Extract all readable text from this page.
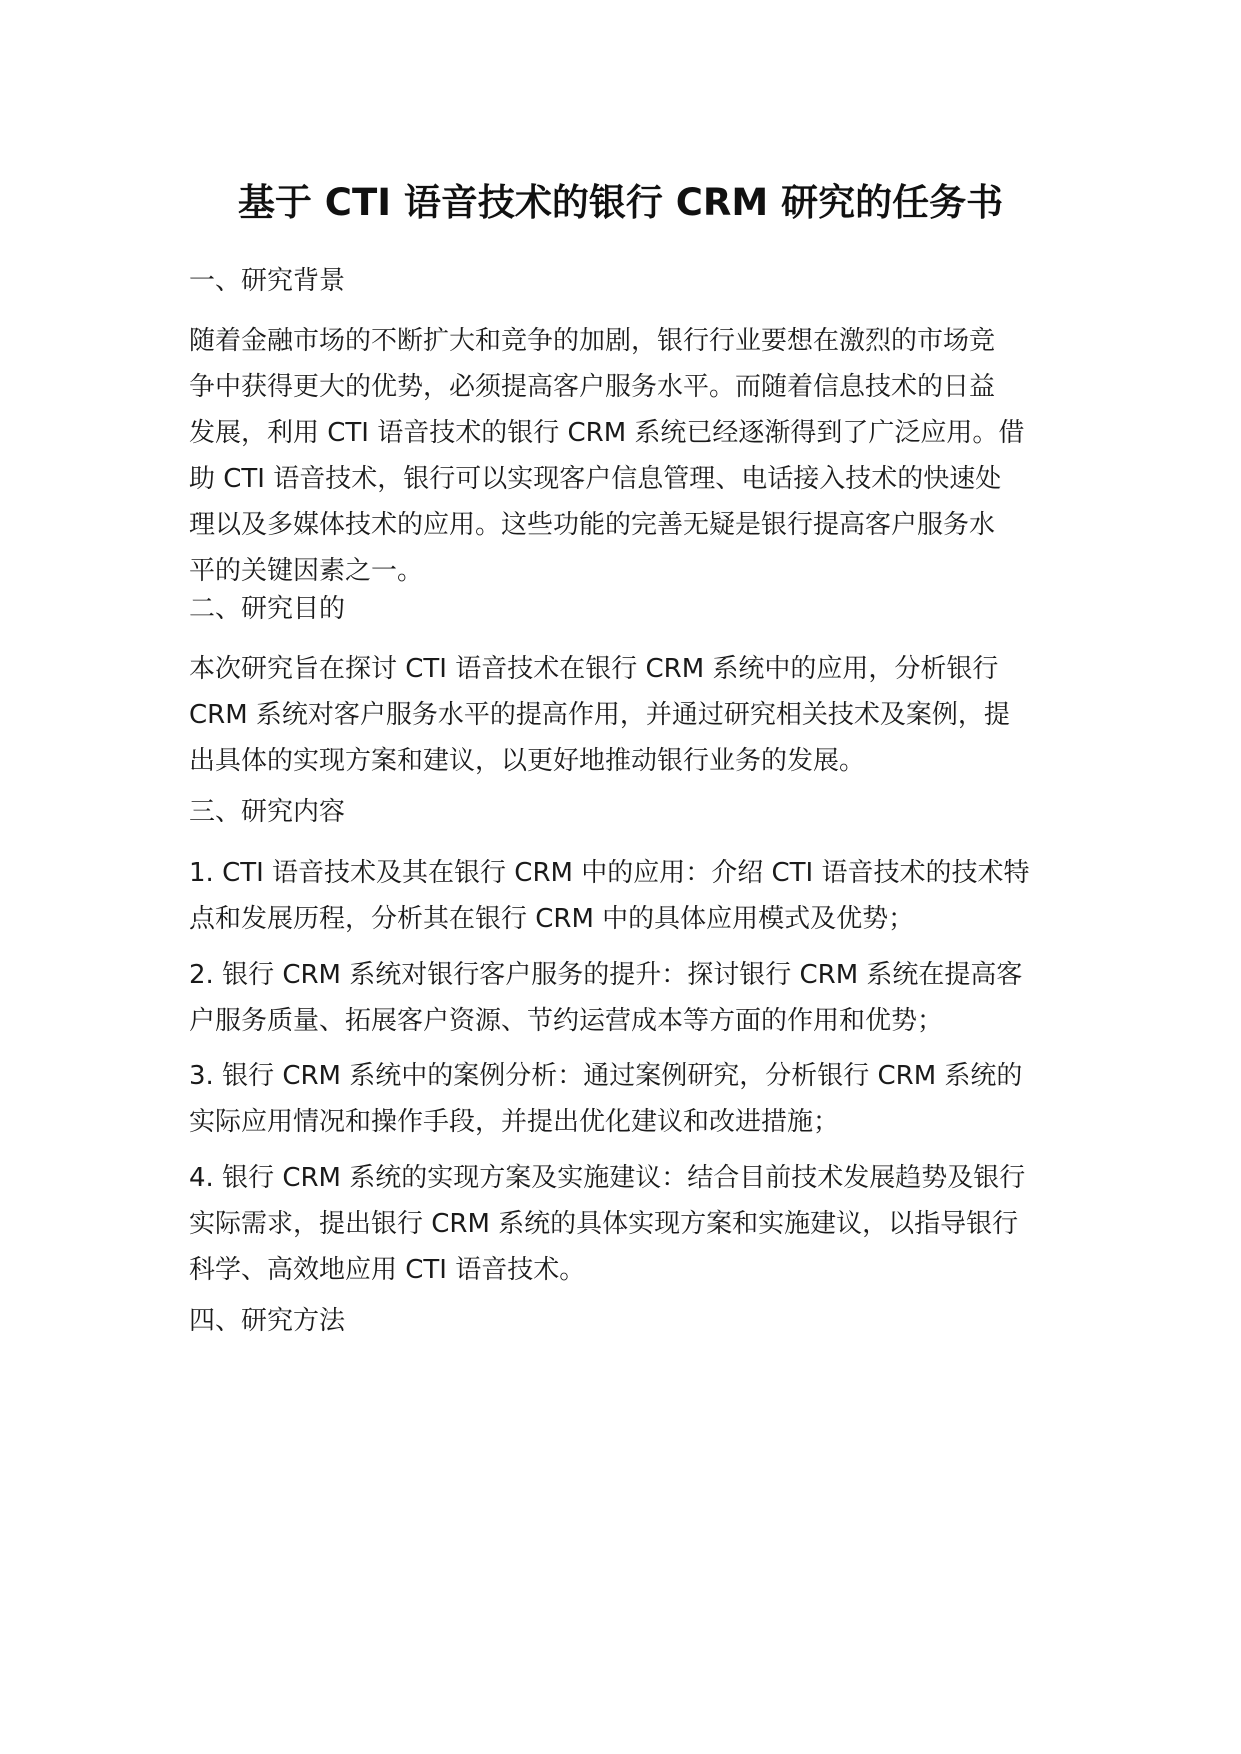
基于 CTI 语音技术的银行 CRM 研究的任务书
一、研究背景
随着金融市场的不断扩大和竞争的加剧，银行行业要想在激烈的市场竞
争中获得更大的优势，必须提高客户服务水平。而随着信息技术的日益
发展，利用 CTI 语音技术的银行 CRM 系统已经逐渐得到了广泛应用。借
助 CTI 语音技术，银行可以实现客户信息管理、电话接入技术的快速处
理以及多媒体技术的应用。这些功能的完善无疑是银行提高客户服务水
平的关键因素之一。
二、研究目的
本次研究旨在探讨 CTI 语音技术在银行 CRM 系统中的应用，分析银行
CRM 系统对客户服务水平的提高作用，并通过研究相关技术及案例，提
出具体的实现方案和建议，以更好地推动银行业务的发展。
三、研究内容
1. CTI 语音技术及其在银行 CRM 中的应用：介绍 CTI 语音技术的技术特
点和发展历程，分析其在银行 CRM 中的具体应用模式及优势；
2. 银行 CRM 系统对银行客户服务的提升：探讨银行 CRM 系统在提高客
户服务质量、拓展客户资源、节约运营成本等方面的作用和优势；
3. 银行 CRM 系统中的案例分析：通过案例研究，分析银行 CRM 系统的
实际应用情况和操作手段，并提出优化建议和改进措施；
4. 银行 CRM 系统的实现方案及实施建议：结合目前技术发展趋势及银行
实际需求，提出银行 CRM 系统的具体实现方案和实施建议，以指导银行
科学、高效地应用 CTI 语音技术。
四、研究方法
